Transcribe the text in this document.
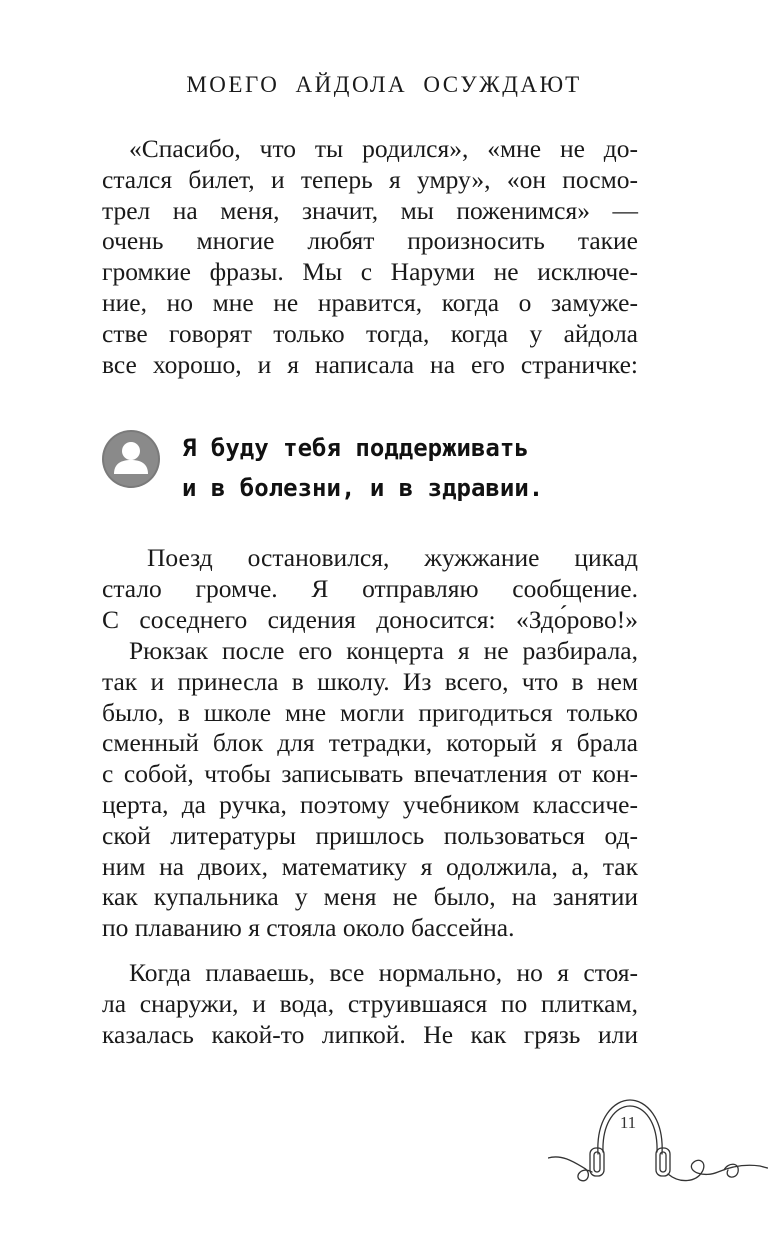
МОЕГО АЙДОЛА ОСУЖДАЮТ
«Спасибо, что ты родился», «мне не до-
стался билет, и теперь я умру», «он посмо-
трел на меня, значит, мы поженимся» —
очень многие любят произносить такие
громкие фразы. Мы с Наруми не исключе-
ние, но мне не нравится, когда о замуже-
стве говорят только тогда, когда у айдола
все хорошо, и я написала на его страничке:
Я буду тебя поддерживать
и в болезни, и в здравии.
Поезд остановился, жужжание цикад
стало громче. Я отправляю сообщение.
С соседнего сидения доносится: «Здо́рово!»
Рюкзак после его концерта я не разбирала,
так и принесла в школу. Из всего, что в нем
было, в школе мне могли пригодиться только
сменный блок для тетрадки, который я брала
с собой, чтобы записывать впечатления от кон-
церта, да ручка, поэтому учебником классиче-
ской литературы пришлось пользоваться од-
ним на двоих, математику я одолжила, а, так
как купальника у меня не было, на занятии
по плаванию я стояла около бассейна.
Когда плаваешь, все нормально, но я стоя-
ла снаружи, и вода, струившаяся по плиткам,
казалась какой-то липкой. Не как грязь или
11
